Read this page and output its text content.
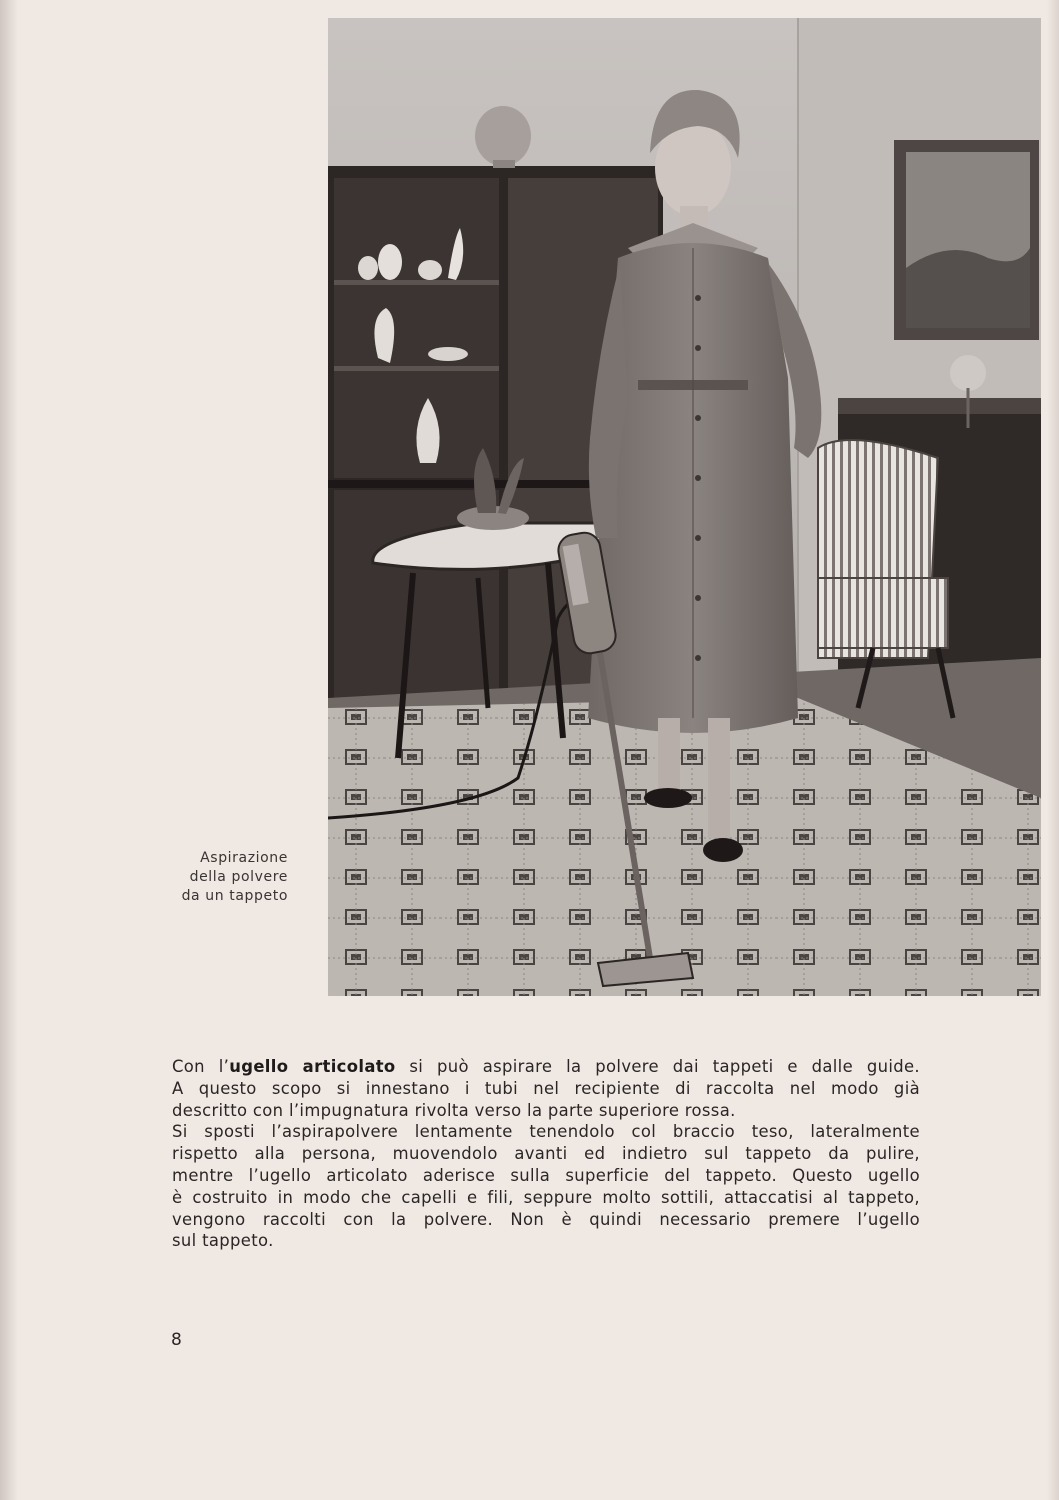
Aspirazione
della polvere
da un tappeto
Con l’ugello articolato si può aspirare la polvere dai tappeti e dalle guide.
A questo scopo si innestano i tubi nel recipiente di raccolta nel modo già
descritto con l’impugnatura rivolta verso la parte superiore rossa.
Si sposti l’aspirapolvere lentamente tenendolo col braccio teso, lateralmente
rispetto alla persona, muovendolo avanti ed indietro sul tappeto da pulire,
mentre l’ugello articolato aderisce sulla superficie del tappeto. Questo ugello
è costruito in modo che capelli e fili, seppure molto sottili, attaccatisi al tappeto,
vengono raccolti con la polvere. Non è quindi necessario premere l’ugello
sul tappeto.
8
